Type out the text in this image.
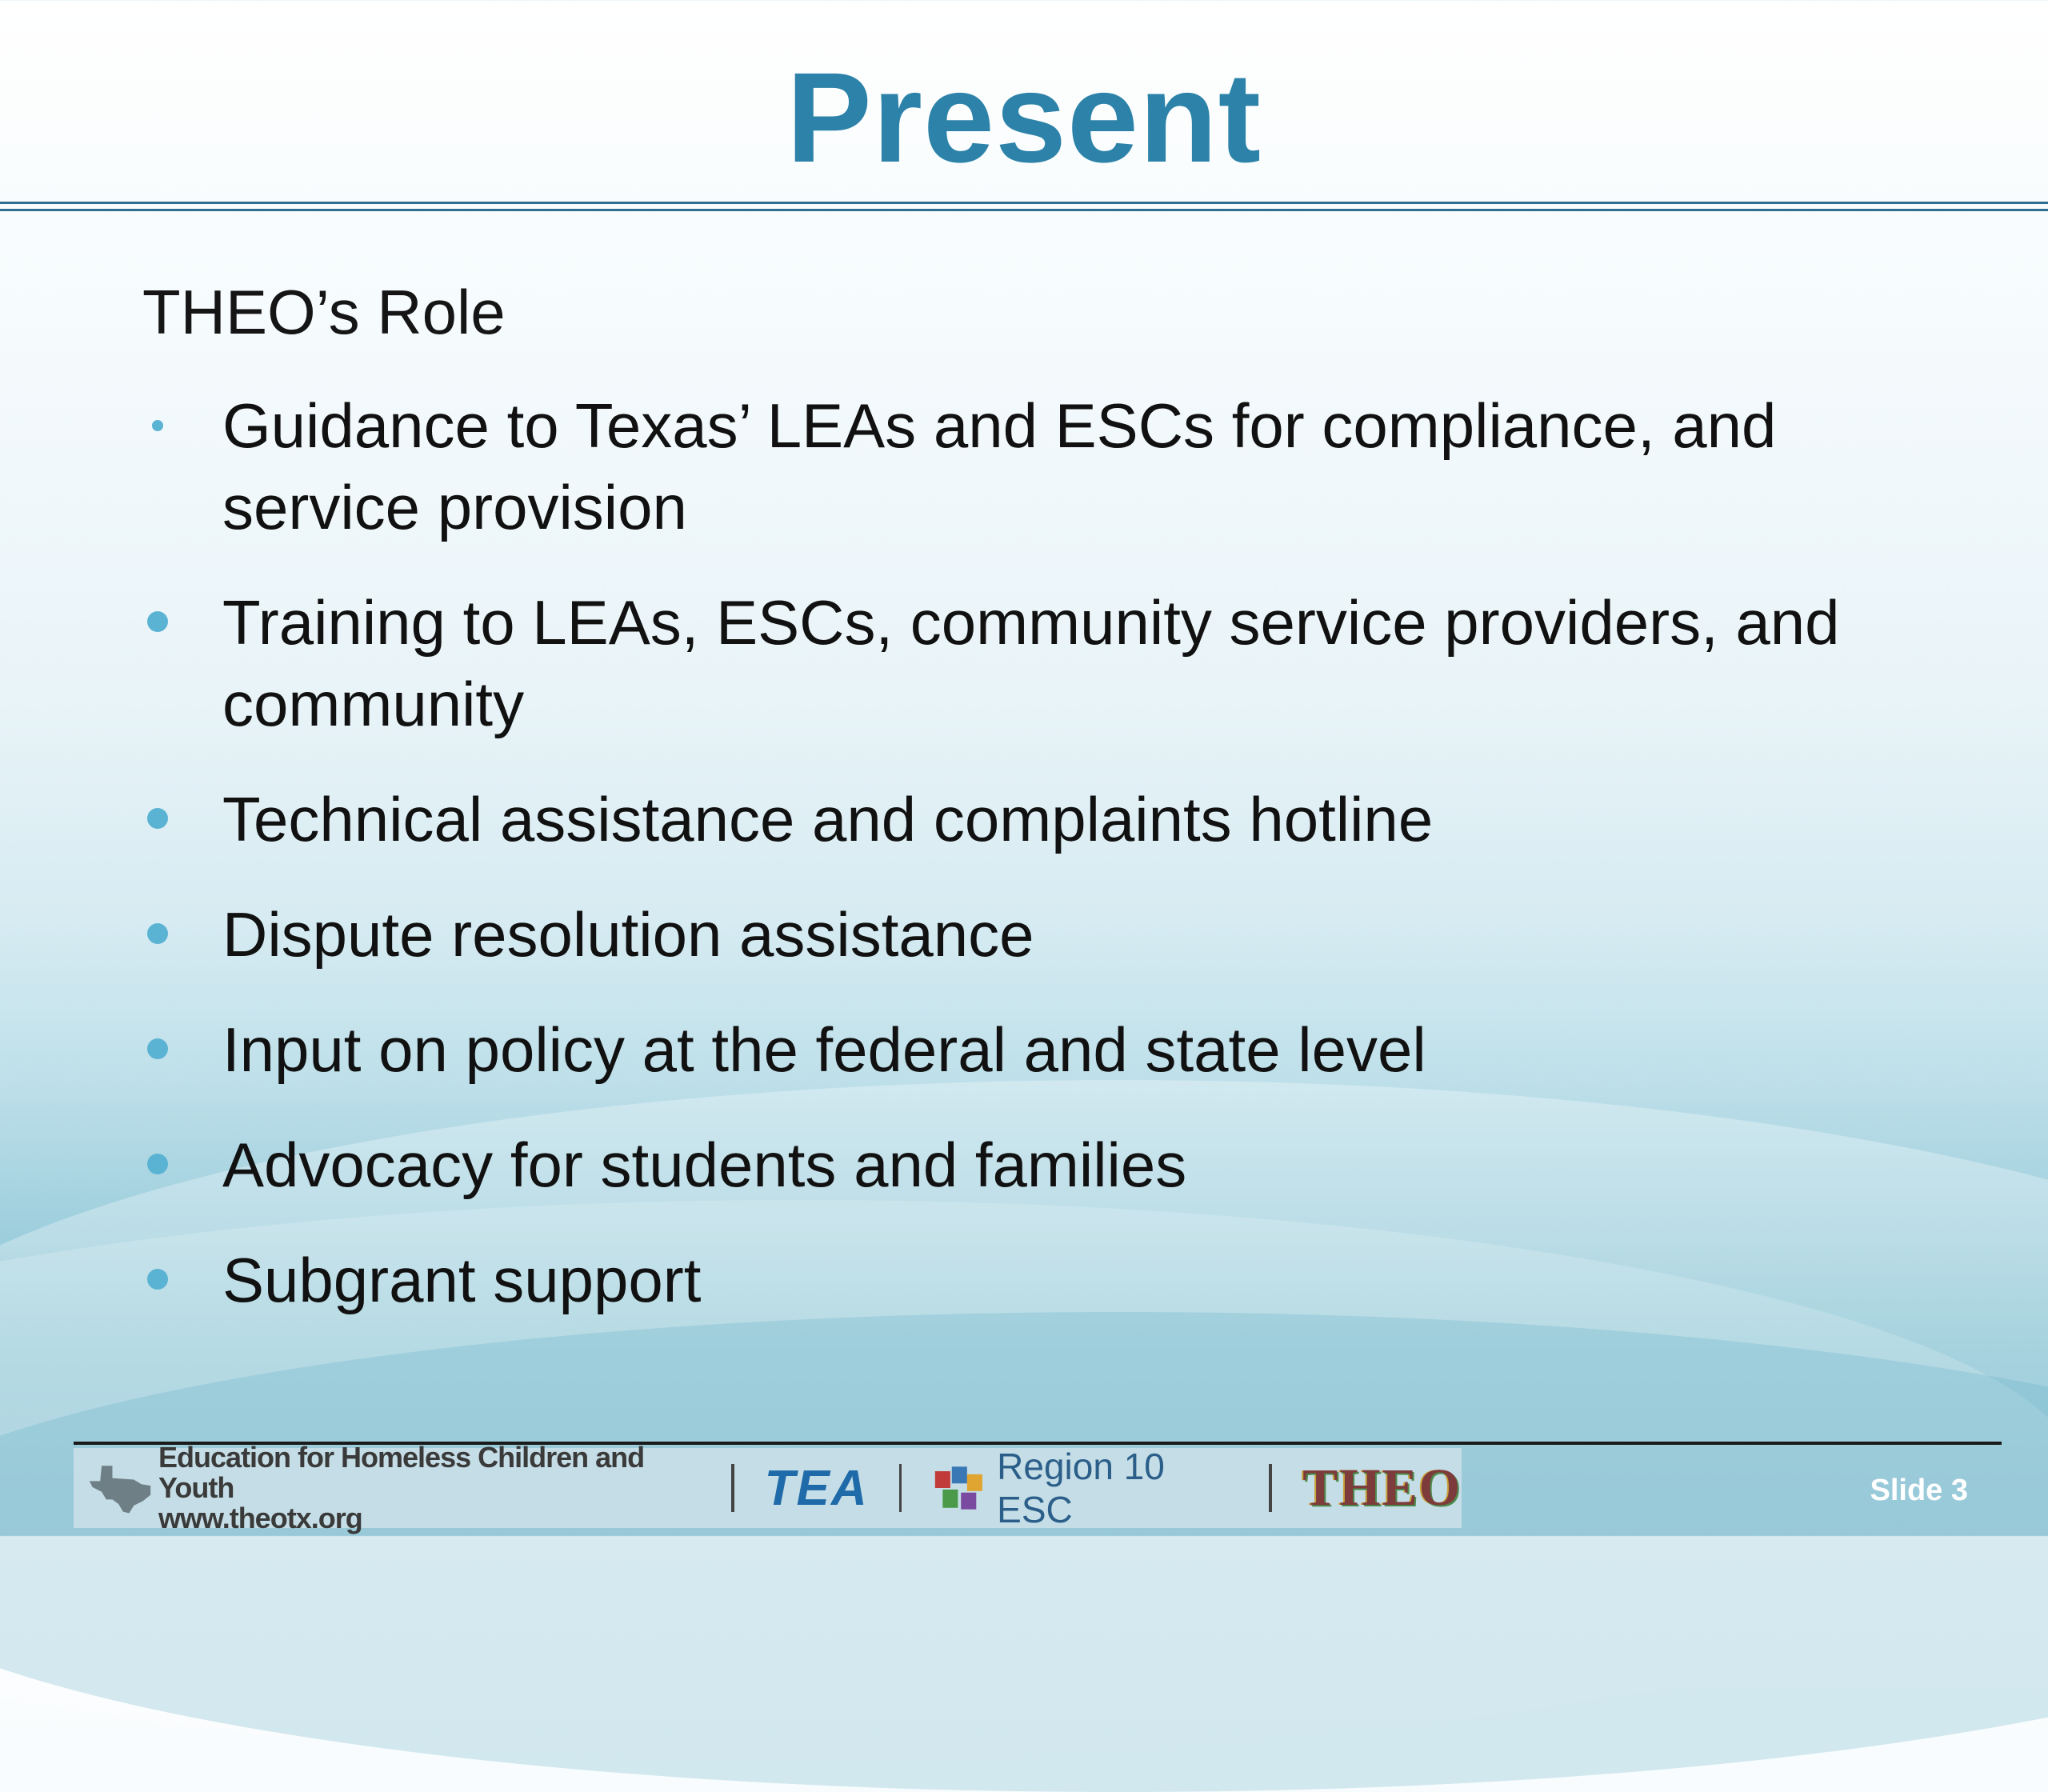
Present
THEO’s Role
Guidance to Texas’ LEAs and ESCs for compliance, and service provision
Training to LEAs, ESCs, community service providers, and community
Technical assistance and complaints hotline
Dispute resolution assistance
Input on policy at the federal and state level
Advocacy for students and families
Subgrant support
Education for Homeless Children and Youth
www.theotx.org
TEA	Region 10 ESC	THEO	Slide 3
